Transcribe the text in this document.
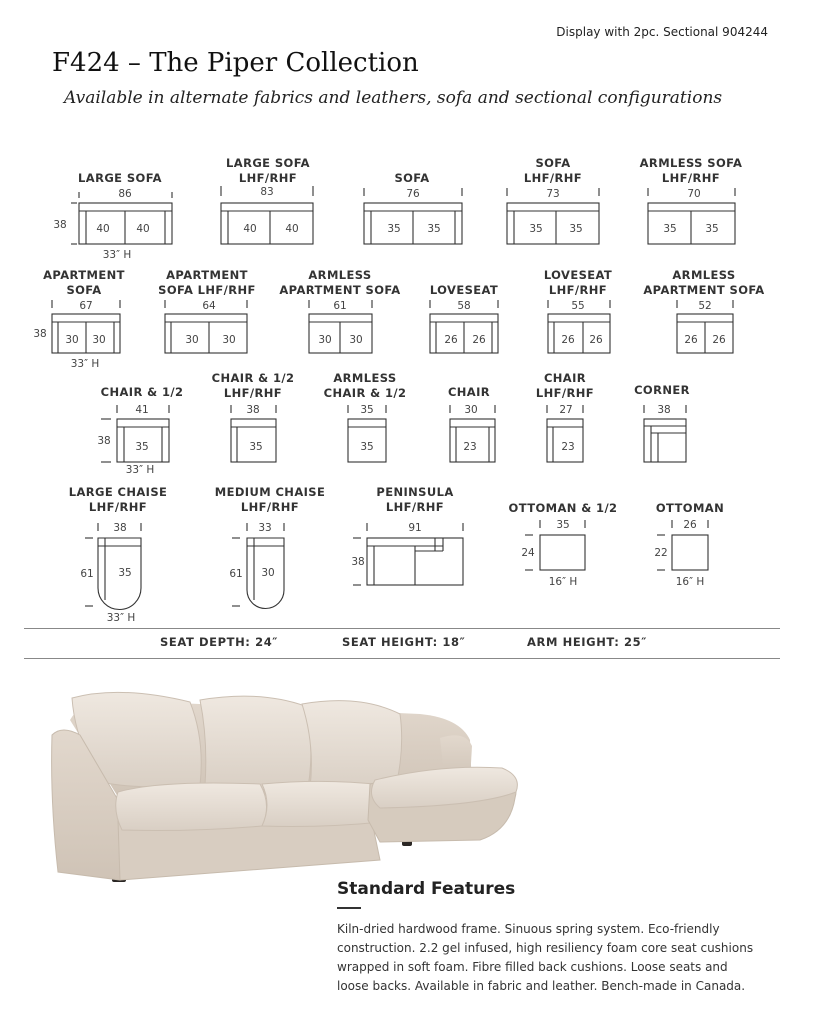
Display with 2pc. Sectional 904244
F424 – The Piper Collection
Available in alternate fabrics and leathers, sofa and sectional configurations
LARGE SOFA
LARGE SOFA
LHF/RHF	SOFA
SOFA
LHF/RHF
ARMLESS SOFA
LHF/RHF
APARTMENT
SOFA
APARTMENT
SOFA LHF/RHF
ARMLESS
APARTMENT SOFA	LOVESEAT
LOVESEAT
LHF/RHF
ARMLESS
APARTMENT SOFA
CHAIR & 1/2
CHAIR & 1/2
LHF/RHF
ARMLESS
CHAIR & 1/2	CHAIR
CHAIR
LHF/RHF	CORNER
LARGE CHAISE
LHF/RHF
MEDIUM CHAISE
LHF/RHF
PENINSULA
LHF/RHF	OTTOMAN & 1/2	OTTOMAN
86
38	40	40
33″ H
83
40	40
76
35	35
73
35	35
70
35	35
67
38 30 30
33″ H
64
30 30
61
30 30
58
26 26
55
26 26
52
26 26
41
38 35
33″ H
38
35
35
35
30
23
27
23
38
38
61 35
33″ H
33
61 30
91
38
35
24
16″ H
26
22
16″ H
SEAT DEPTH: 24″	SEAT HEIGHT: 18″	ARM HEIGHT: 25″
Standard Features
Kiln-dried hardwood frame. Sinuous spring system. Eco-friendly construction. 2.2 gel infused, high resiliency foam core seat cushions wrapped in soft foam. Fibre filled back cushions. Loose seats and loose backs. Available in fabric and leather. Bench-made in Canada.
